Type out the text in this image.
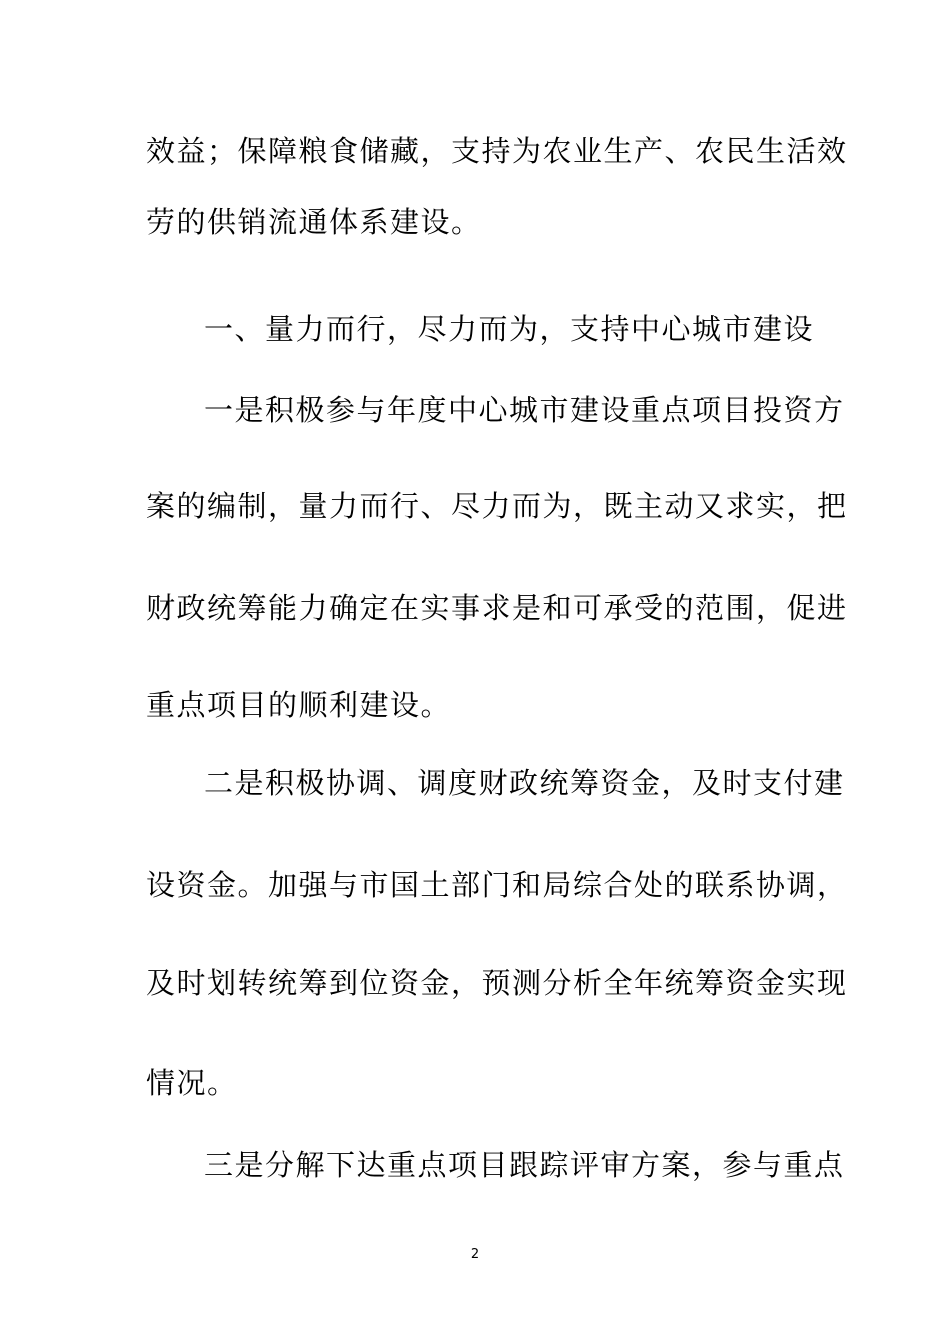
效益；保障粮食储藏，支持为农业生产、农民生活效
劳的供销流通体系建设。
一、量力而行，尽力而为，支持中心城市建设
一是积极参与年度中心城市建设重点项目投资方
案的编制，量力而行、尽力而为，既主动又求实，把
财政统筹能力确定在实事求是和可承受的范围，促进
重点项目的顺利建设。
二是积极协调、调度财政统筹资金，及时支付建
设资金。加强与市国土部门和局综合处的联系协调，
及时划转统筹到位资金，预测分析全年统筹资金实现
情况。
三是分解下达重点项目跟踪评审方案，参与重点
2
